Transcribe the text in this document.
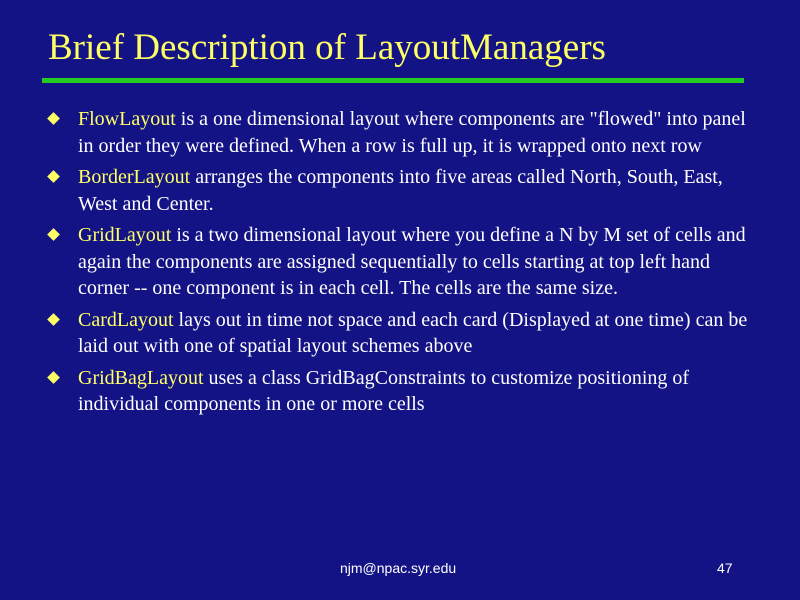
Brief Description of LayoutManagers
FlowLayout is a one dimensional layout where components are "flowed" into panel in order they were defined. When a row is full up, it is wrapped onto next row
BorderLayout arranges the components into five areas called North, South, East, West and Center.
GridLayout is a two dimensional layout where you define a N by M set of cells and again the components are assigned sequentially to cells starting at top left hand corner -- one component is in each cell. The cells are the same size.
CardLayout lays out in time not space and each card (Displayed at one time) can be laid out with one of spatial layout schemes above
GridBagLayout uses a class GridBagConstraints to customize positioning of individual components in one or more cells
njm@npac.syr.edu	47
